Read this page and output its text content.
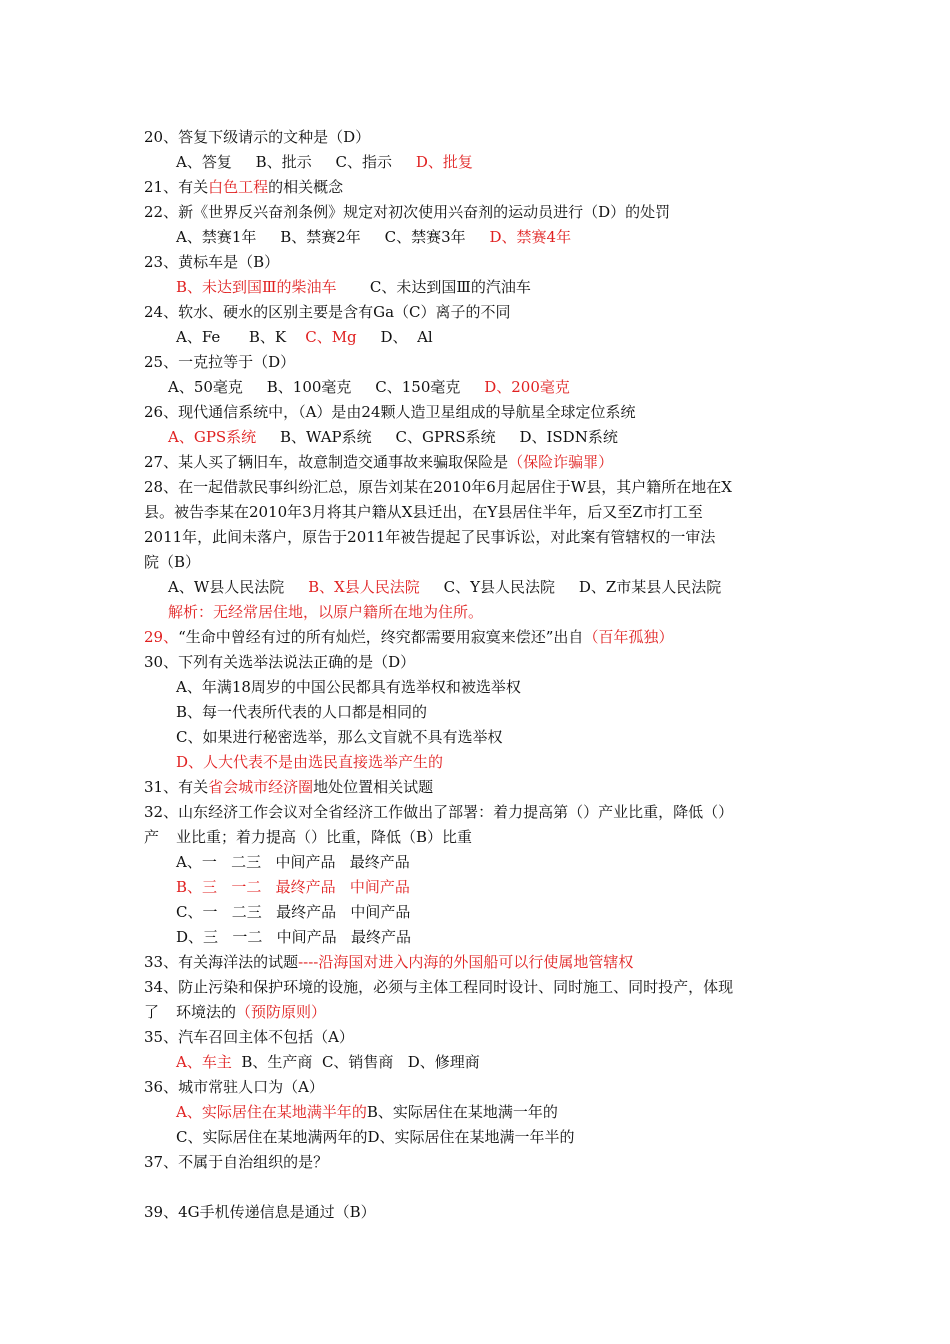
20、答复下级请示的文种是（D）
A、答复     B、批示     C、指示     D、批复
21、有关白色工程的相关概念
22、新《世界反兴奋剂条例》规定对初次使用兴奋剂的运动员进行（D）的处罚
A、禁赛1年     B、禁赛2年     C、禁赛3年     D、禁赛4年
23、黄标车是（B）
B、未达到国Ⅲ的柴油车       C、未达到国Ⅲ的汽油车
24、软水、硬水的区别主要是含有Ga（C）离子的不同
A、Fe      B、K    C、Mg     D、  Al
25、一克拉等于（D）
A、50毫克     B、100毫克     C、150毫克     D、200毫克
26、现代通信系统中，（A）是由24颗人造卫星组成的导航星全球定位系统
A、GPS系统     B、WAP系统     C、GPRS系统     D、ISDN系统
27、某人买了辆旧车，故意制造交通事故来骗取保险是（保险诈骗罪）
28、在一起借款民事纠纷汇总，原告刘某在2010年6月起居住于W县，其户籍所在地在X
县。被告李某在2010年3月将其户籍从X县迁出，在Y县居住半年，后又至Z市打工至
2011年，此间未落户，原告于2011年被告提起了民事诉讼，对此案有管辖权的一审法
院（B）
A、W县人民法院     B、X县人民法院     C、Y县人民法院     D、Z市某县人民法院
解析：无经常居住地，以原户籍所在地为住所。
29、“生命中曾经有过的所有灿烂，终究都需要用寂寞来偿还”出自（百年孤独）
30、下列有关选举法说法正确的是（D）
A、年满18周岁的中国公民都具有选举权和被选举权
B、每一代表所代表的人口都是相同的
C、如果进行秘密选举，那么文盲就不具有选举权
D、人大代表不是由选民直接选举产生的
31、有关省会城市经济圈地处位置相关试题
32、山东经济工作会议对全省经济工作做出了部署：着力提高第（）产业比重，降低（）
产 业比重；着力提高（）比重，降低（B）比重
A、一   二三   中间产品   最终产品
B、三   一二   最终产品   中间产品
C、一   二三   最终产品   中间产品
D、三   一二   中间产品   最终产品
33、有关海洋法的试题----沿海国对进入内海的外国船可以行使属地管辖权
34、防止污染和保护环境的设施，必须与主体工程同时设计、同时施工、同时投产，体现
了 环境法的（预防原则）
35、汽车召回主体不包括（A）
A、车主  B、生产商  C、销售商   D、修理商
36、城市常驻人口为（A）
A、实际居住在某地满半年的B、实际居住在某地满一年的
C、实际居住在某地满两年的D、实际居住在某地满一年半的
37、不属于自治组织的是？
39、4G手机传递信息是通过（B）
